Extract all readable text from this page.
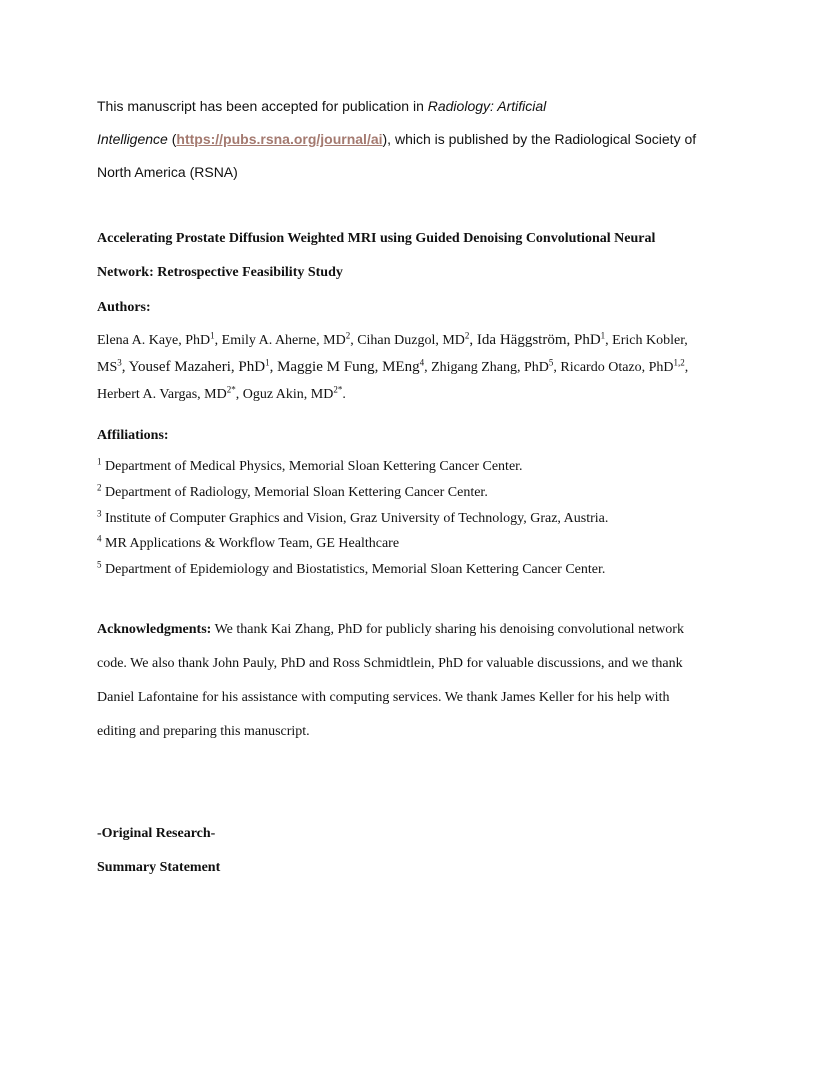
This manuscript has been accepted for publication in Radiology: Artificial
Intelligence (https://pubs.rsna.org/journal/ai), which is published by the Radiological Society of
North America (RSNA)
Accelerating Prostate Diffusion Weighted MRI using Guided Denoising Convolutional Neural
Network: Retrospective Feasibility Study
Authors:
Elena A. Kaye, PhD$^1$, Emily A. Aherne, $MD^2$, Cihan Duzgol, $MD^2$, Ida Häggström, PhD$^1$, Erich Kobler,
$MS^3$, Yousef Mazaheri, PhD$^1$, Maggie M Fung, MEng$^4$, Zhigang Zhang, PhD$^5$, Ricardo Otazo, PhD$^{1,2}$,
Herbert A. Vargas, $MD^{2*}$, Oguz Akin, $MD^{2*}$.
Affiliations:
$^1$ Department of Medical Physics, Memorial Sloan Kettering Cancer Center.
$^2$ Department of Radiology, Memorial Sloan Kettering Cancer Center.
$^3$ Institute of Computer Graphics and Vision, Graz University of Technology, Graz, Austria.
$^4$ MR Applications & Workflow Team, GE Healthcare
$^5$ Department of Epidemiology and Biostatistics, Memorial Sloan Kettering Cancer Center.
Acknowledgments: We thank Kai Zhang, PhD for publicly sharing his denoising convolutional network
code. We also thank John Pauly, PhD and Ross Schmidtlein, PhD for valuable discussions, and we thank
Daniel Lafontaine for his assistance with computing services. We thank James Keller for his help with
editing and preparing this manuscript.
-Original Research-
Summary Statement
